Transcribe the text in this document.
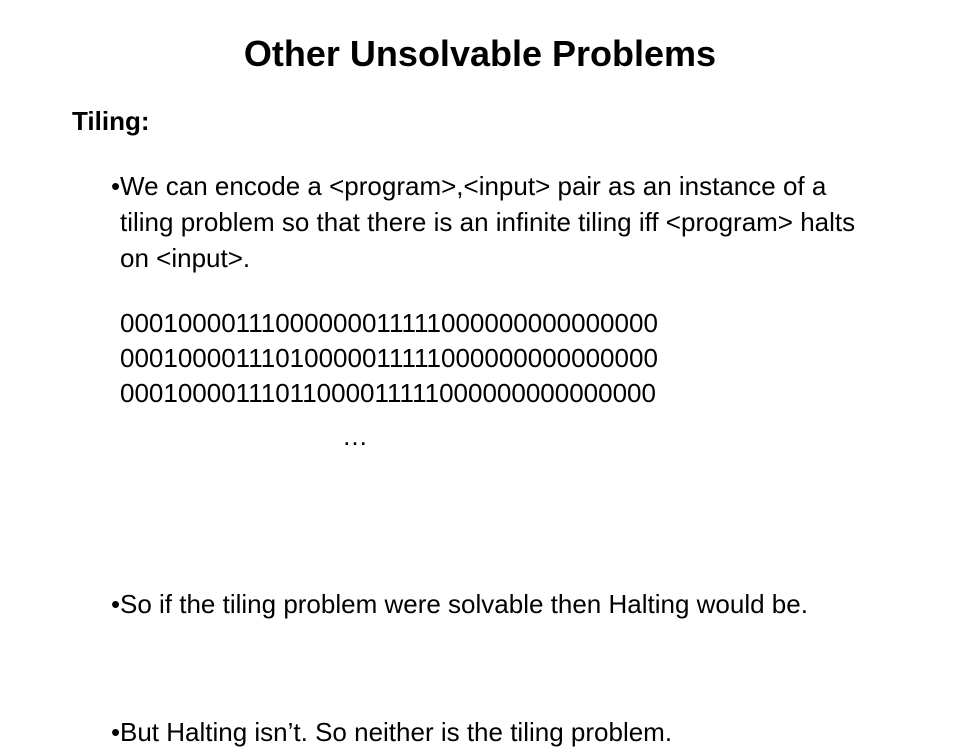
Other Unsolvable Problems
Tiling:

•We can encode a <program>,<input> pair as an instance of a tiling problem so that there is an infinite tiling iff <program> halts on <input>.

00010000111000000011111000000000000000
00010000111010000011111000000000000000
00010000111011000011111000000000000000
…

•So if the tiling problem were solvable then Halting would be.

•But Halting isn’t. So neither is the tiling problem.
